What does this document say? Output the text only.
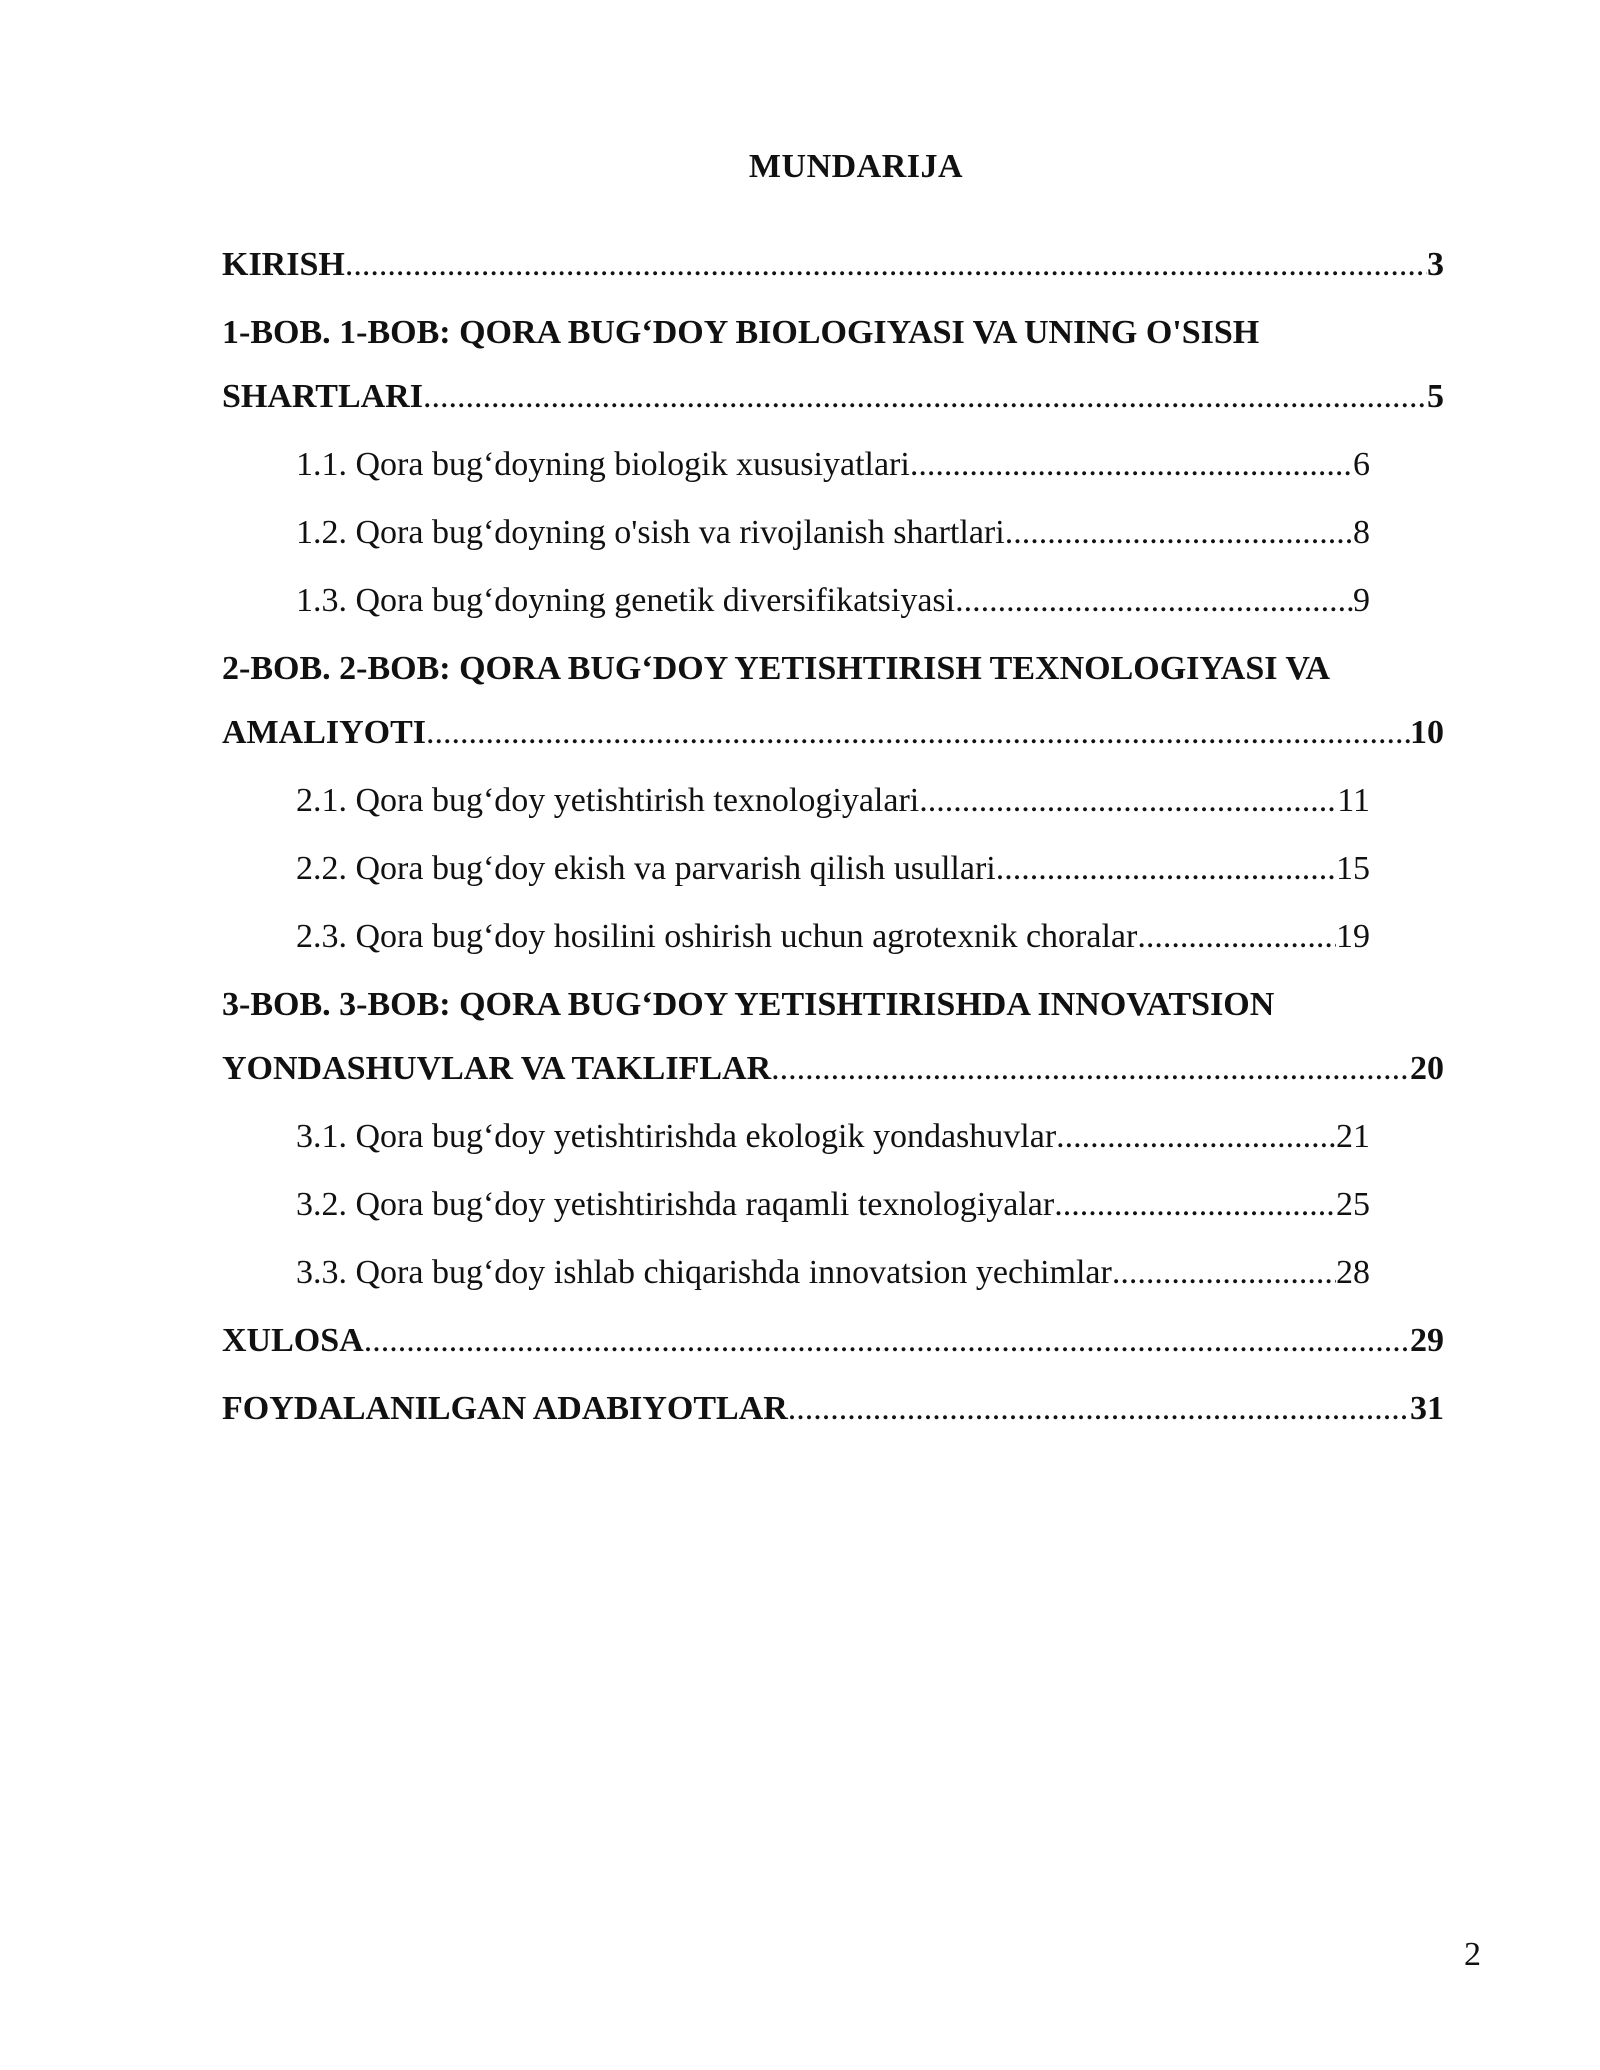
MUNDARIJA
KIRISH .....	3
1-BOB. 1-BOB: QORA BUG‘DOY BIOLOGIYASI VA UNING O'SISH
SHARTLARI .....	5
1.1. Qora bug‘doyning biologik xususiyatlari .....	6
1.2. Qora bug‘doyning o'sish va rivojlanish shartlari .....	8
1.3. Qora bug‘doyning genetik diversifikatsiyasi .....	9
2-BOB. 2-BOB: QORA BUG‘DOY YETISHTIRISH TEXNOLOGIYASI VA
AMALIYOTI .....	10
2.1. Qora bug‘doy yetishtirish texnologiyalari .....	11
2.2. Qora bug‘doy ekish va parvarish qilish usullari .....	15
2.3. Qora bug‘doy hosilini oshirish uchun agrotexnik choralar .....	19
3-BOB. 3-BOB: QORA BUG‘DOY YETISHTIRISHDA INNOVATSION
YONDASHUVLAR VA TAKLIFLAR .....	20
3.1. Qora bug‘doy yetishtirishda ekologik yondashuvlar .....	21
3.2. Qora bug‘doy yetishtirishda raqamli texnologiyalar .....	25
3.3. Qora bug‘doy ishlab chiqarishda innovatsion yechimlar .....	28
XULOSA .....	29
FOYDALANILGAN ADABIYOTLAR .....	31
2
